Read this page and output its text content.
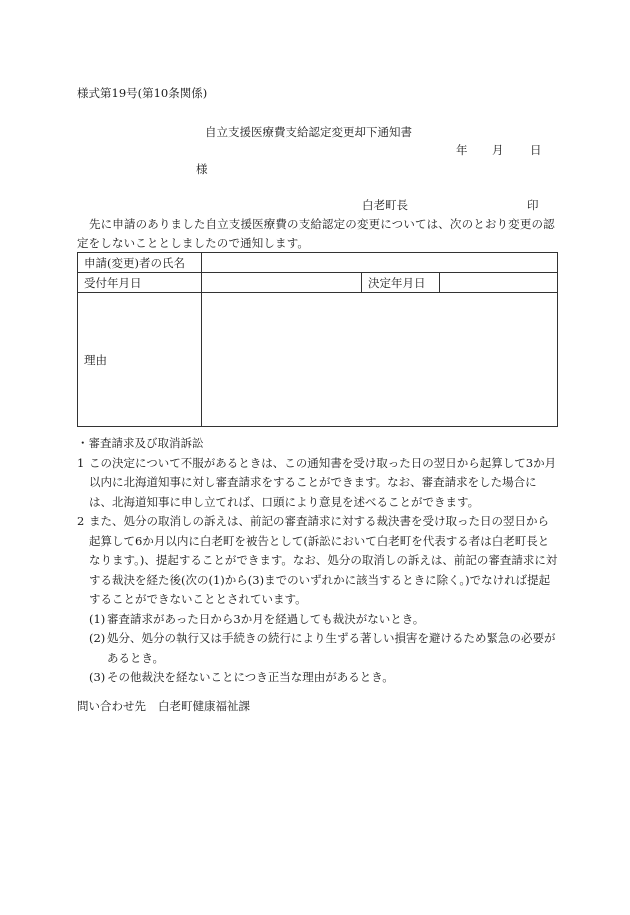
様式第19号(第10条関係)
自立支援医療費支給認定変更却下通知書
年 月 日
様
白老町長	印

先に申請のありました自立支援医療費の支給認定の変更については、次のとおり変更の認定をしないこととしましたので通知します。

申請(変更)者の氏名			
受付年月日		決定年月日	
理由			

・審査請求及び取消訴訟

1 この決定について不服があるときは、この通知書を受け取った日の翌日から起算して3か月以内に北海道知事に対し審査請求をすることができます。なお、審査請求をした場合には、北海道知事に申し立てれば、口頭により意見を述べることができます。

2 また、処分の取消しの訴えは、前記の審査請求に対する裁決書を受け取った日の翌日から起算して6か月以内に白老町を被告として(訴訟において白老町を代表する者は白老町長となります。)、提起することができます。なお、処分の取消しの訴えは、前記の審査請求に対する裁決を経た後(次の(1)から(3)までのいずれかに該当するときに除く。)でなければ提起することができないこととされています。

(1) 審査請求があった日から3か月を経過しても裁決がないとき。

(2) 処分、処分の執行又は手続きの続行により生ずる著しい損害を避けるため緊急の必要があるとき。

(3) その他裁決を経ないことにつき正当な理由があるとき。

問い合わせ先 白老町健康福祉課
